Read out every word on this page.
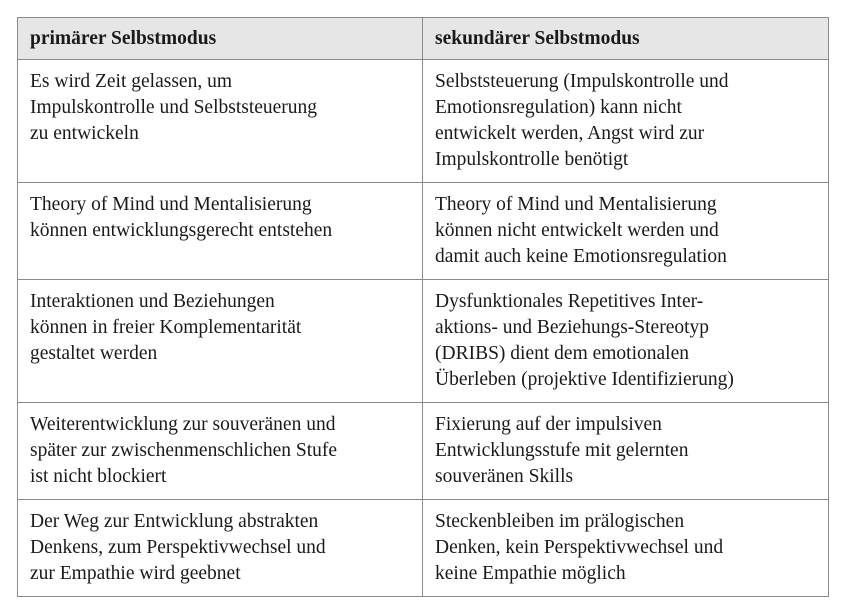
primärer Selbstmodus	sekundärer Selbstmodus

Es wird Zeit gelassen, um
Impulskontrolle und Selbststeuerung
zu entwickeln	Selbststeuerung (Impulskontrolle und
Emotionsregulation) kann nicht
entwickelt werden, Angst wird zur
Impulskontrolle benötigt

Theory of Mind und Mentalisierung
können entwicklungsgerecht entstehen	Theory of Mind und Mentalisierung
können nicht entwickelt werden und
damit auch keine Emotionsregulation

Interaktionen und Beziehungen
können in freier Komplementarität
gestaltet werden	Dysfunktionales Repetitives Inter-
aktions- und Beziehungs-Stereotyp
(DRIBS) dient dem emotionalen
Überleben (projektive Identifizierung)

Weiterentwicklung zur souveränen und
später zur zwischenmenschlichen Stufe
ist nicht blockiert	Fixierung auf der impulsiven
Entwicklungsstufe mit gelernten
souveränen Skills

Der Weg zur Entwicklung abstrakten
Denkens, zum Perspektivwechsel und
zur Empathie wird geebnet	Steckenbleiben im prälogischen
Denken, kein Perspektivwechsel und
keine Empathie möglich
